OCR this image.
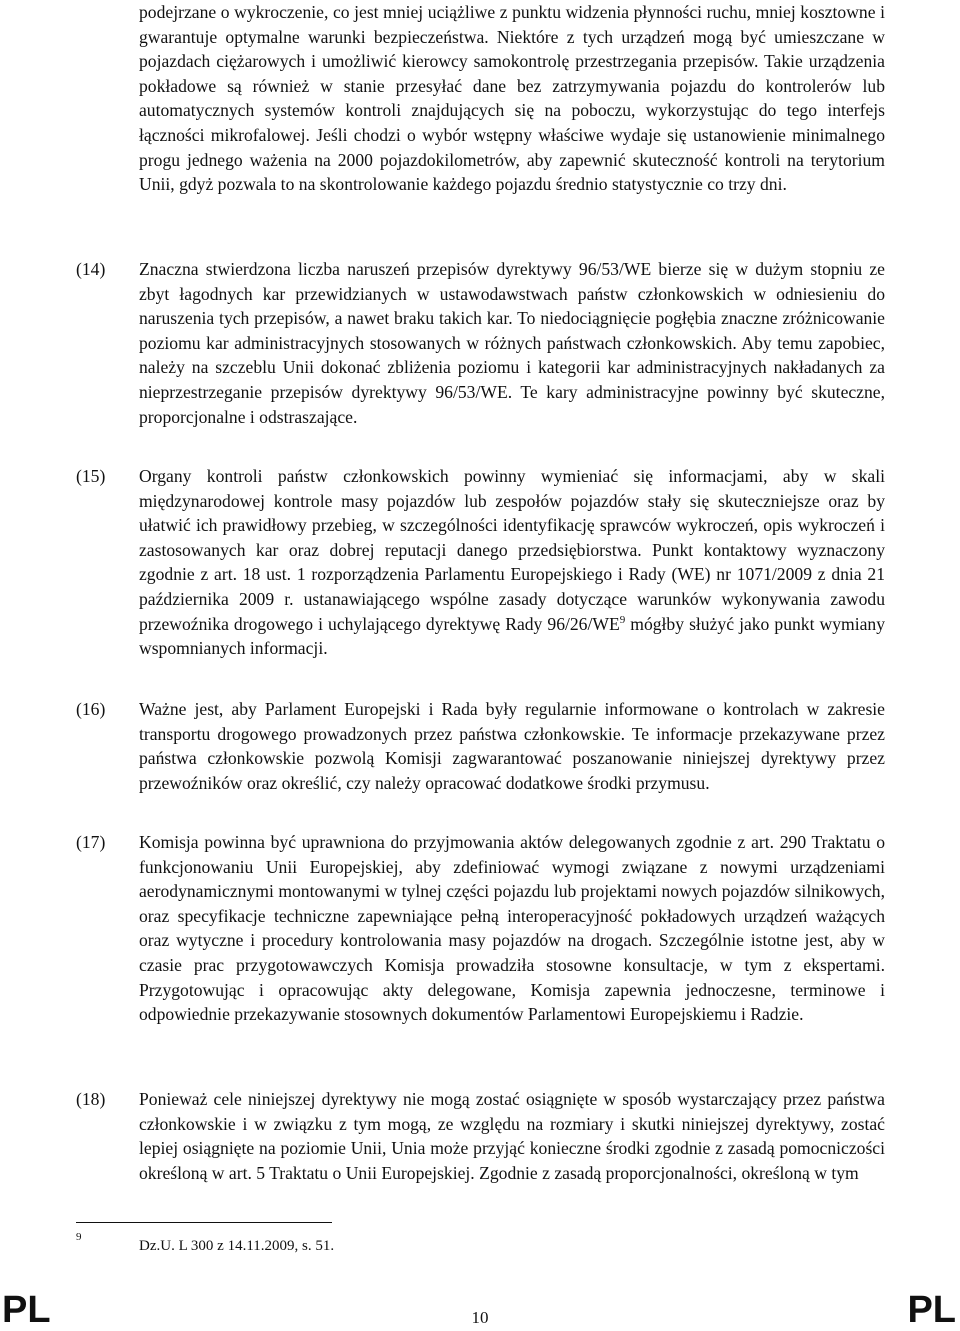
podejrzane o wykroczenie, co jest mniej uciążliwe z punktu widzenia płynności ruchu, mniej kosztowne i gwarantuje optymalne warunki bezpieczeństwa. Niektóre z tych urządzeń mogą być umieszczane w pojazdach ciężarowych i umożliwić kierowcy samokontrolę przestrzegania przepisów. Takie urządzenia pokładowe są również w stanie przesyłać dane bez zatrzymywania pojazdu do kontrolerów lub automatycznych systemów kontroli znajdujących się na poboczu, wykorzystując do tego interfejs łączności mikrofalowej. Jeśli chodzi o wybór wstępny właściwe wydaje się ustanowienie minimalnego progu jednego ważenia na 2000 pojazdokilometrów, aby zapewnić skuteczność kontroli na terytorium Unii, gdyż pozwala to na skontrolowanie każdego pojazdu średnio statystycznie co trzy dni.

(14)	Znaczna stwierdzona liczba naruszeń przepisów dyrektywy 96/53/WE bierze się w dużym stopniu ze zbyt łagodnych kar przewidzianych w ustawodawstwach państw członkowskich w odniesieniu do naruszenia tych przepisów, a nawet braku takich kar. To niedociągnięcie pogłębia znaczne zróżnicowanie poziomu kar administracyjnych stosowanych w różnych państwach członkowskich. Aby temu zapobiec, należy na szczeblu Unii dokonać zbliżenia poziomu i kategorii kar administracyjnych nakładanych za nieprzestrzeganie przepisów dyrektywy 96/53/WE. Te kary administracyjne powinny być skuteczne, proporcjonalne i odstraszające.

(15)	Organy kontroli państw członkowskich powinny wymieniać się informacjami, aby w skali międzynarodowej kontrole masy pojazdów lub zespołów pojazdów stały się skuteczniejsze oraz by ułatwić ich prawidłowy przebieg, w szczególności identyfikację sprawców wykroczeń, opis wykroczeń i zastosowanych kar oraz dobrej reputacji danego przedsiębiorstwa. Punkt kontaktowy wyznaczony zgodnie z art. 18 ust. 1 rozporządzenia Parlamentu Europejskiego i Rady (WE) nr 1071/2009 z dnia 21 października 2009 r. ustanawiającego wspólne zasady dotyczące warunków wykonywania zawodu przewoźnika drogowego i uchylającego dyrektywę Rady 96/26/WE$^9$ mógłby służyć jako punkt wymiany wspomnianych informacji.

(16)	Ważne jest, aby Parlament Europejski i Rada były regularnie informowane o kontrolach w zakresie transportu drogowego prowadzonych przez państwa członkowskie. Te informacje przekazywane przez państwa członkowskie pozwolą Komisji zagwarantować poszanowanie niniejszej dyrektywy przez przewoźników oraz określić, czy należy opracować dodatkowe środki przymusu.

(17)	Komisja powinna być uprawniona do przyjmowania aktów delegowanych zgodnie z art. 290 Traktatu o funkcjonowaniu Unii Europejskiej, aby zdefiniować wymogi związane z nowymi urządzeniami aerodynamicznymi montowanymi w tylnej części pojazdu lub projektami nowych pojazdów silnikowych, oraz specyfikacje techniczne zapewniające pełną interoperacyjność pokładowych urządzeń ważących oraz wytyczne i procedury kontrolowania masy pojazdów na drogach. Szczególnie istotne jest, aby w czasie prac przygotowawczych Komisja prowadziła stosowne konsultacje, w tym z ekspertami. Przygotowując i opracowując akty delegowane, Komisja zapewnia jednoczesne, terminowe i odpowiednie przekazywanie stosownych dokumentów Parlamentowi Europejskiemu i Radzie.

(18)	Ponieważ cele niniejszej dyrektywy nie mogą zostać osiągnięte w sposób wystarczający przez państwa członkowskie i w związku z tym mogą, ze względu na rozmiary i skutki niniejszej dyrektywy, zostać lepiej osiągnięte na poziomie Unii, Unia może przyjąć konieczne środki zgodnie z zasadą pomocniczości określoną w art. 5 Traktatu o Unii Europejskiej. Zgodnie z zasadą proporcjonalności, określoną w tym

9
Dz.U. L 300 z 14.11.2009, s. 51.
PL	10	PL
